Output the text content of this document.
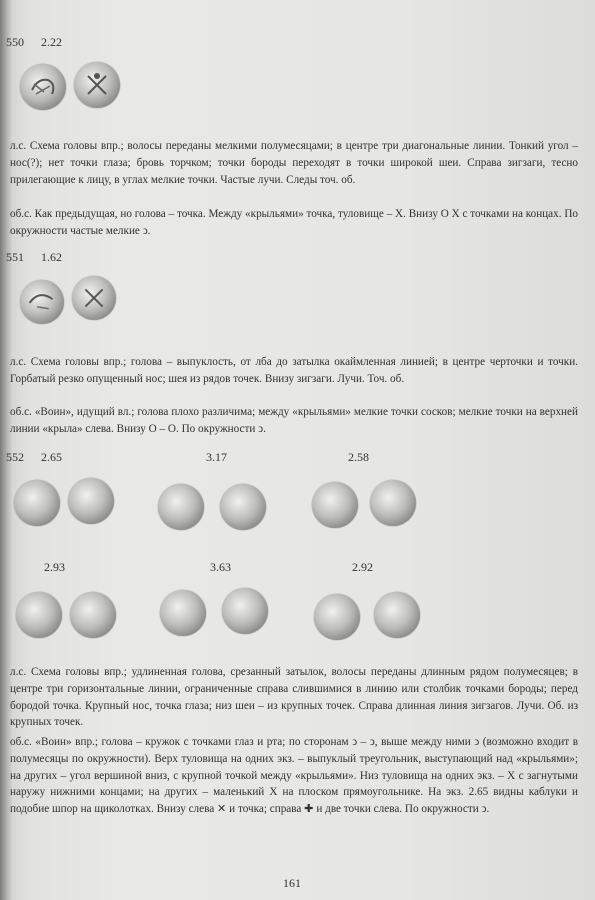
550 2.22
л.с. Схема головы впр.; волосы переданы мелкими полумесяцами; в центре три диагональные линии. Тонкий угол – нос(?); нет точки глаза; бровь торчком; точки бороды переходят в точки широкой шеи. Справа зигзаги, тесно прилегающие к лицу, в углах мелкие точки. Частые лучи. Следы точ. об.
об.с. Как предыдущая, но голова – точка. Между «крыльями» точка, туловище – Х. Внизу О Х с точками на концах. По окружности частые мелкие ↄ.
551 1.62
л.с. Схема головы впр.; голова – выпуклость, от лба до затылка окаймленная линией; в центре черточки и точки. Горбатый резко опущенный нос; шея из рядов точек. Внизу зигзаги. Лучи. Точ. об.
об.с. «Воин», идущий вл.; голова плохо различима; между «крыльями» мелкие точки сосков; мелкие точки на верхней линии «крыла» слева. Внизу О – О. По окружности ↄ.
552 2.65	3.17	2.58
2.93	3.63	2.92
л.с. Схема головы впр.; удлиненная голова, срезанный затылок, волосы переданы длинным рядом полумесяцев; в центре три горизонтальные линии, ограниченные справа слившимися в линию или столбик точками бороды; перед бородой точка. Крупный нос, точка глаза; низ шеи – из крупных точек. Справа длинная линия зигзагов. Лучи. Об. из крупных точек.
об.с. «Воин» впр.; голова – кружок с точками глаз и рта; по сторонам ↄ – ↄ, выше между ними ↄ (возможно входит в полумесяцы по окружности). Верх туловища на одних экз. – выпуклый треугольник, выступающий над «крыльями»; на других – угол вершиной вниз, с крупной точкой между «крыльями». Низ туловища на одних экз. – Х с загнутыми наружу нижними концами; на других – маленький Х на плоском прямоугольнике. На экз. 2.65 видны каблуки и подобие шпор на щиколотках. Внизу слева ✕ и точка; справа ✚ и две точки слева. По окружности ↄ.
161
